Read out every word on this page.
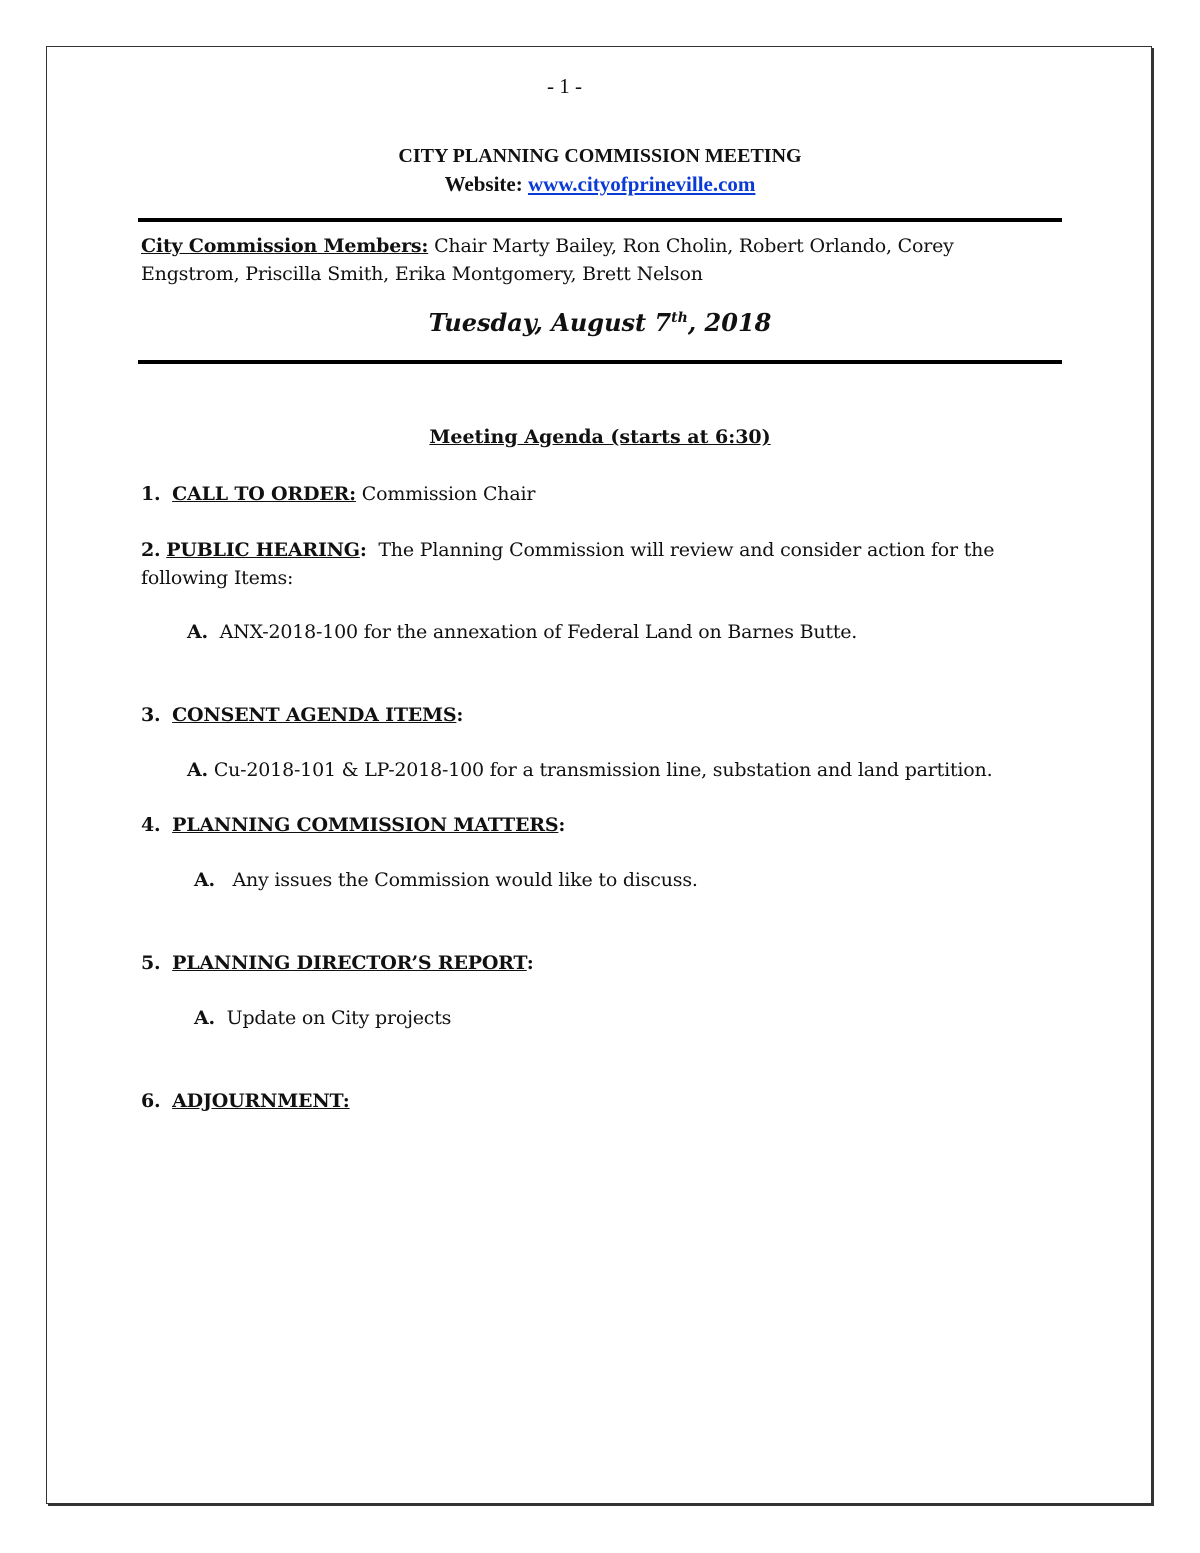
- 1 -
CITY PLANNING COMMISSION MEETING
Website: www.cityofprineville.com
City Commission Members: Chair Marty Bailey, Ron Cholin, Robert Orlando, Corey
Engstrom, Priscilla Smith, Erika Montgomery, Brett Nelson
Tuesday, August 7th, 2018
Meeting Agenda (starts at 6:30)
1. CALL TO ORDER: Commission Chair
2. PUBLIC HEARING:  The Planning Commission will review and consider action for the
following Items:
A. ANX-2018-100 for the annexation of Federal Land on Barnes Butte.
3. CONSENT AGENDA ITEMS:
A. Cu-2018-101 & LP-2018-100 for a transmission line, substation and land partition.
4. PLANNING COMMISSION MATTERS:
A. Any issues the Commission would like to discuss.
5. PLANNING DIRECTOR’S REPORT:
A. Update on City projects
6. ADJOURNMENT:
